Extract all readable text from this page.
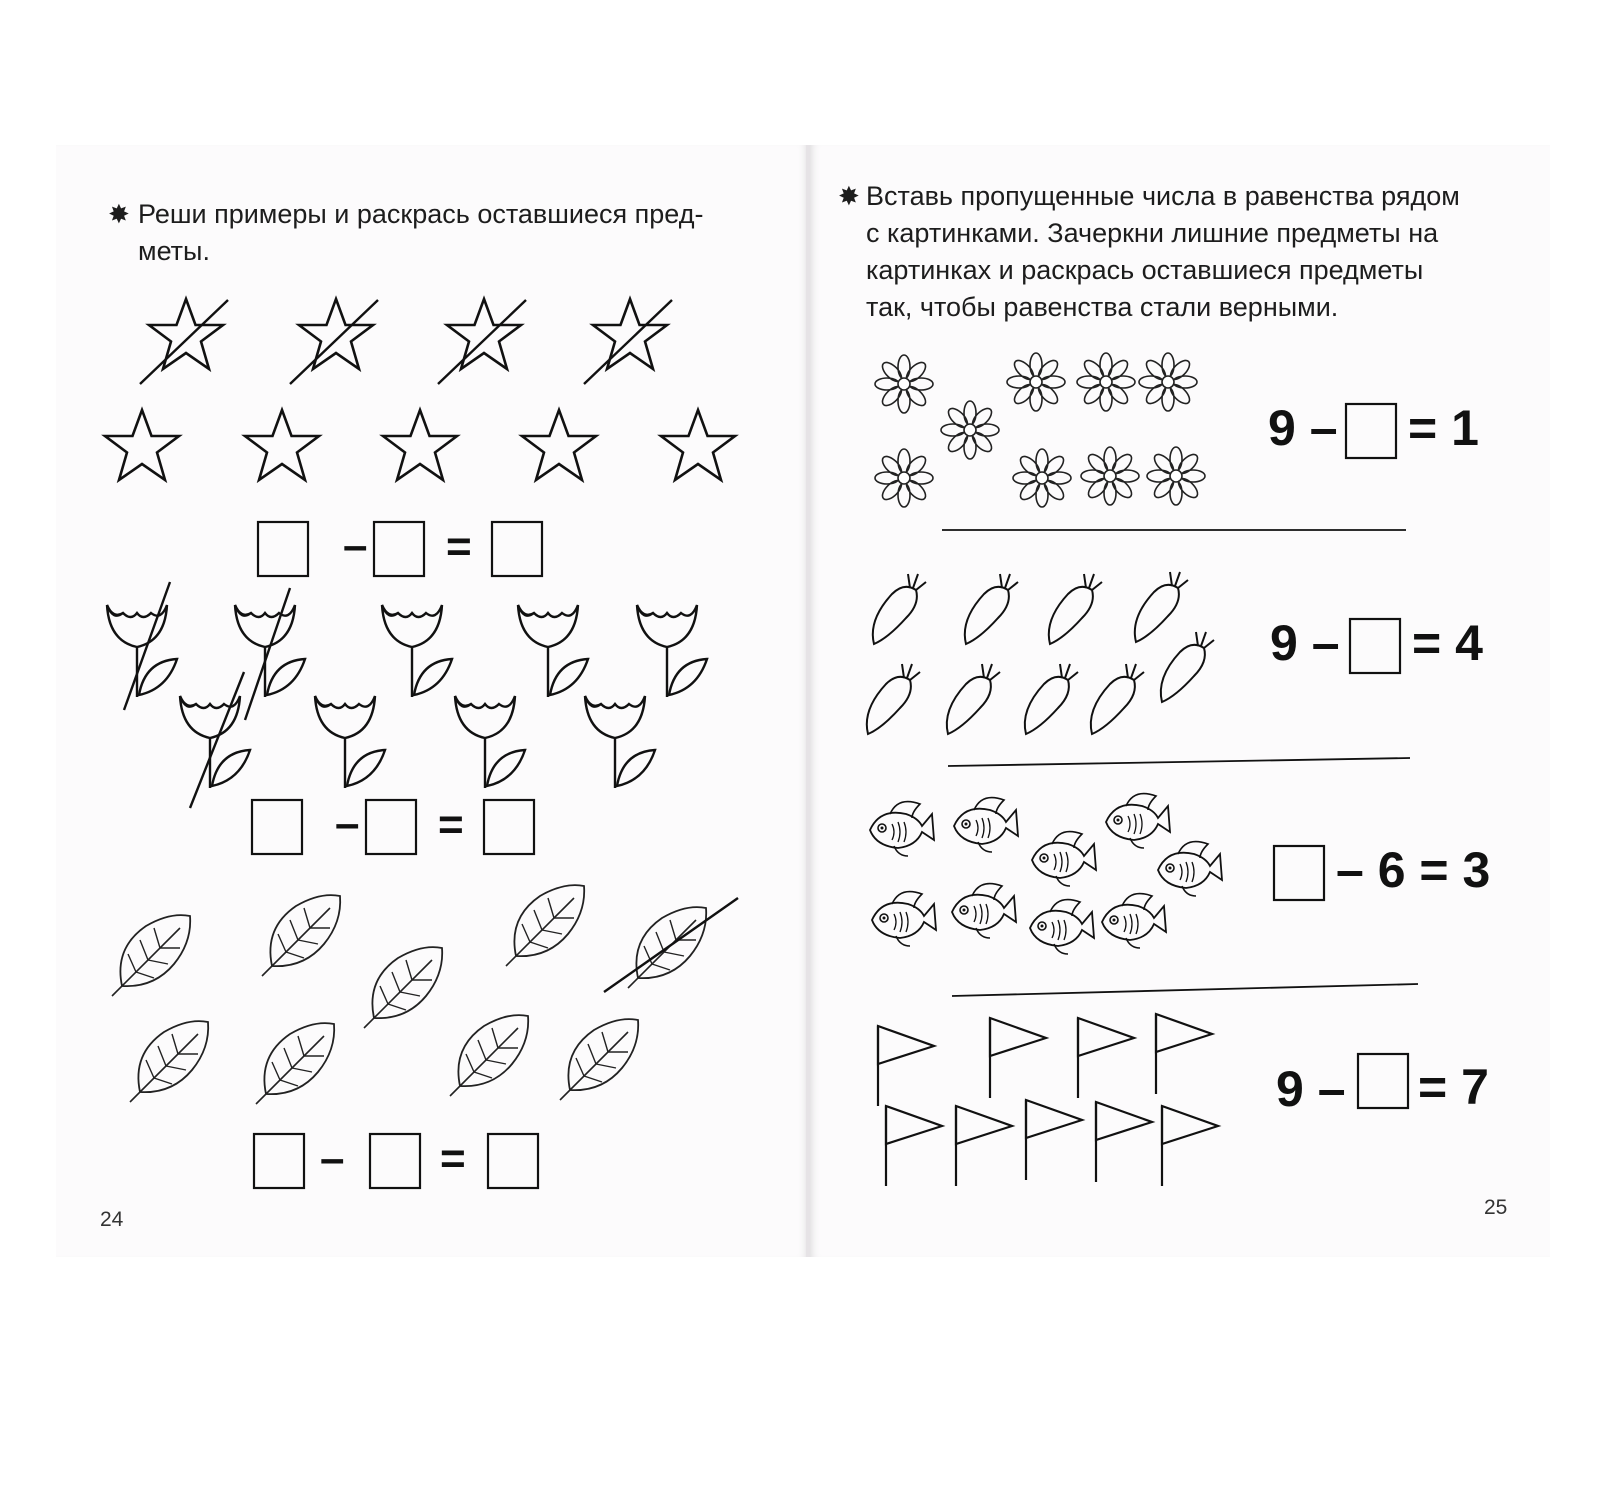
✸ Реши примеры и раскрась оставшиеся пред-
меты.
✸ Вставь пропущенные числа в равенства рядом
с картинками. Зачеркни лишние предметы на
картинках и раскрась оставшиеся предметы
так, чтобы равенства стали верными.
24
25
– =
– =
– =
9 – = 1
9 – = 4
– 6 = 3
9 – = 7
